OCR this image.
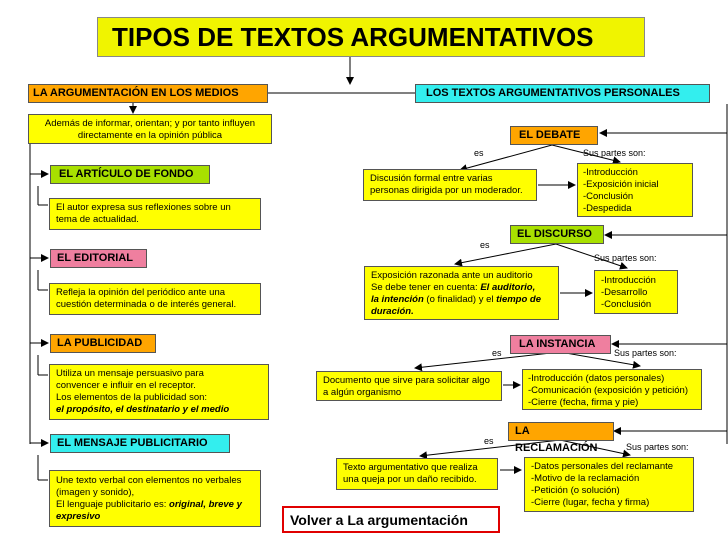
TIPOS DE TEXTOS ARGUMENTATIVOS
LA ARGUMENTACIÓN EN LOS MEDIOS
Además de informar, orientan; y por tanto influyen directamente en la opinión pública
EL ARTÍCULO DE FONDO
El autor expresa sus reflexiones sobre un tema de actualidad.
EL EDITORIAL
Refleja la opinión del periódico ante una cuestión determinada o de interés general.
LA PUBLICIDAD
Utiliza un mensaje persuasivo para
convencer e influir en el receptor.
Los elementos de la publicidad son:
el propósito, el destinatario y el medio
EL MENSAJE PUBLICITARIO
Une texto verbal con elementos no verbales
(imagen y sonido),
El lenguaje publicitario es: original, breve y expresivo
LOS TEXTOS ARGUMENTATIVOS PERSONALES
EL DEBATE
es	Sus partes son:
Discusión formal entre varias personas dirigida por un moderador.
-Introducción
-Exposición inicial
-Conclusión
-Despedida
EL DISCURSO
es
Sus partes son:
Exposición razonada ante un auditorio
Se debe tener en cuenta: El auditorio,
la intención (o finalidad) y el tiempo de
duración.
-Introducción
-Desarrollo
-Conclusión
LA INSTANCIA
es	Sus partes son:
Documento que sirve para solicitar algo a algún organismo
-Introducción (datos personales)
-Comunicación (exposición y petición)
-Cierre (fecha, firma y pie)
LA RECLAMACIÓN
es
Sus partes son:
Texto argumentativo que realiza una queja por un daño recibido.
-Datos personales del reclamante
-Motivo de la reclamación
-Petición (o solución)
-Cierre (lugar, fecha y firma)
Volver a La argumentación
